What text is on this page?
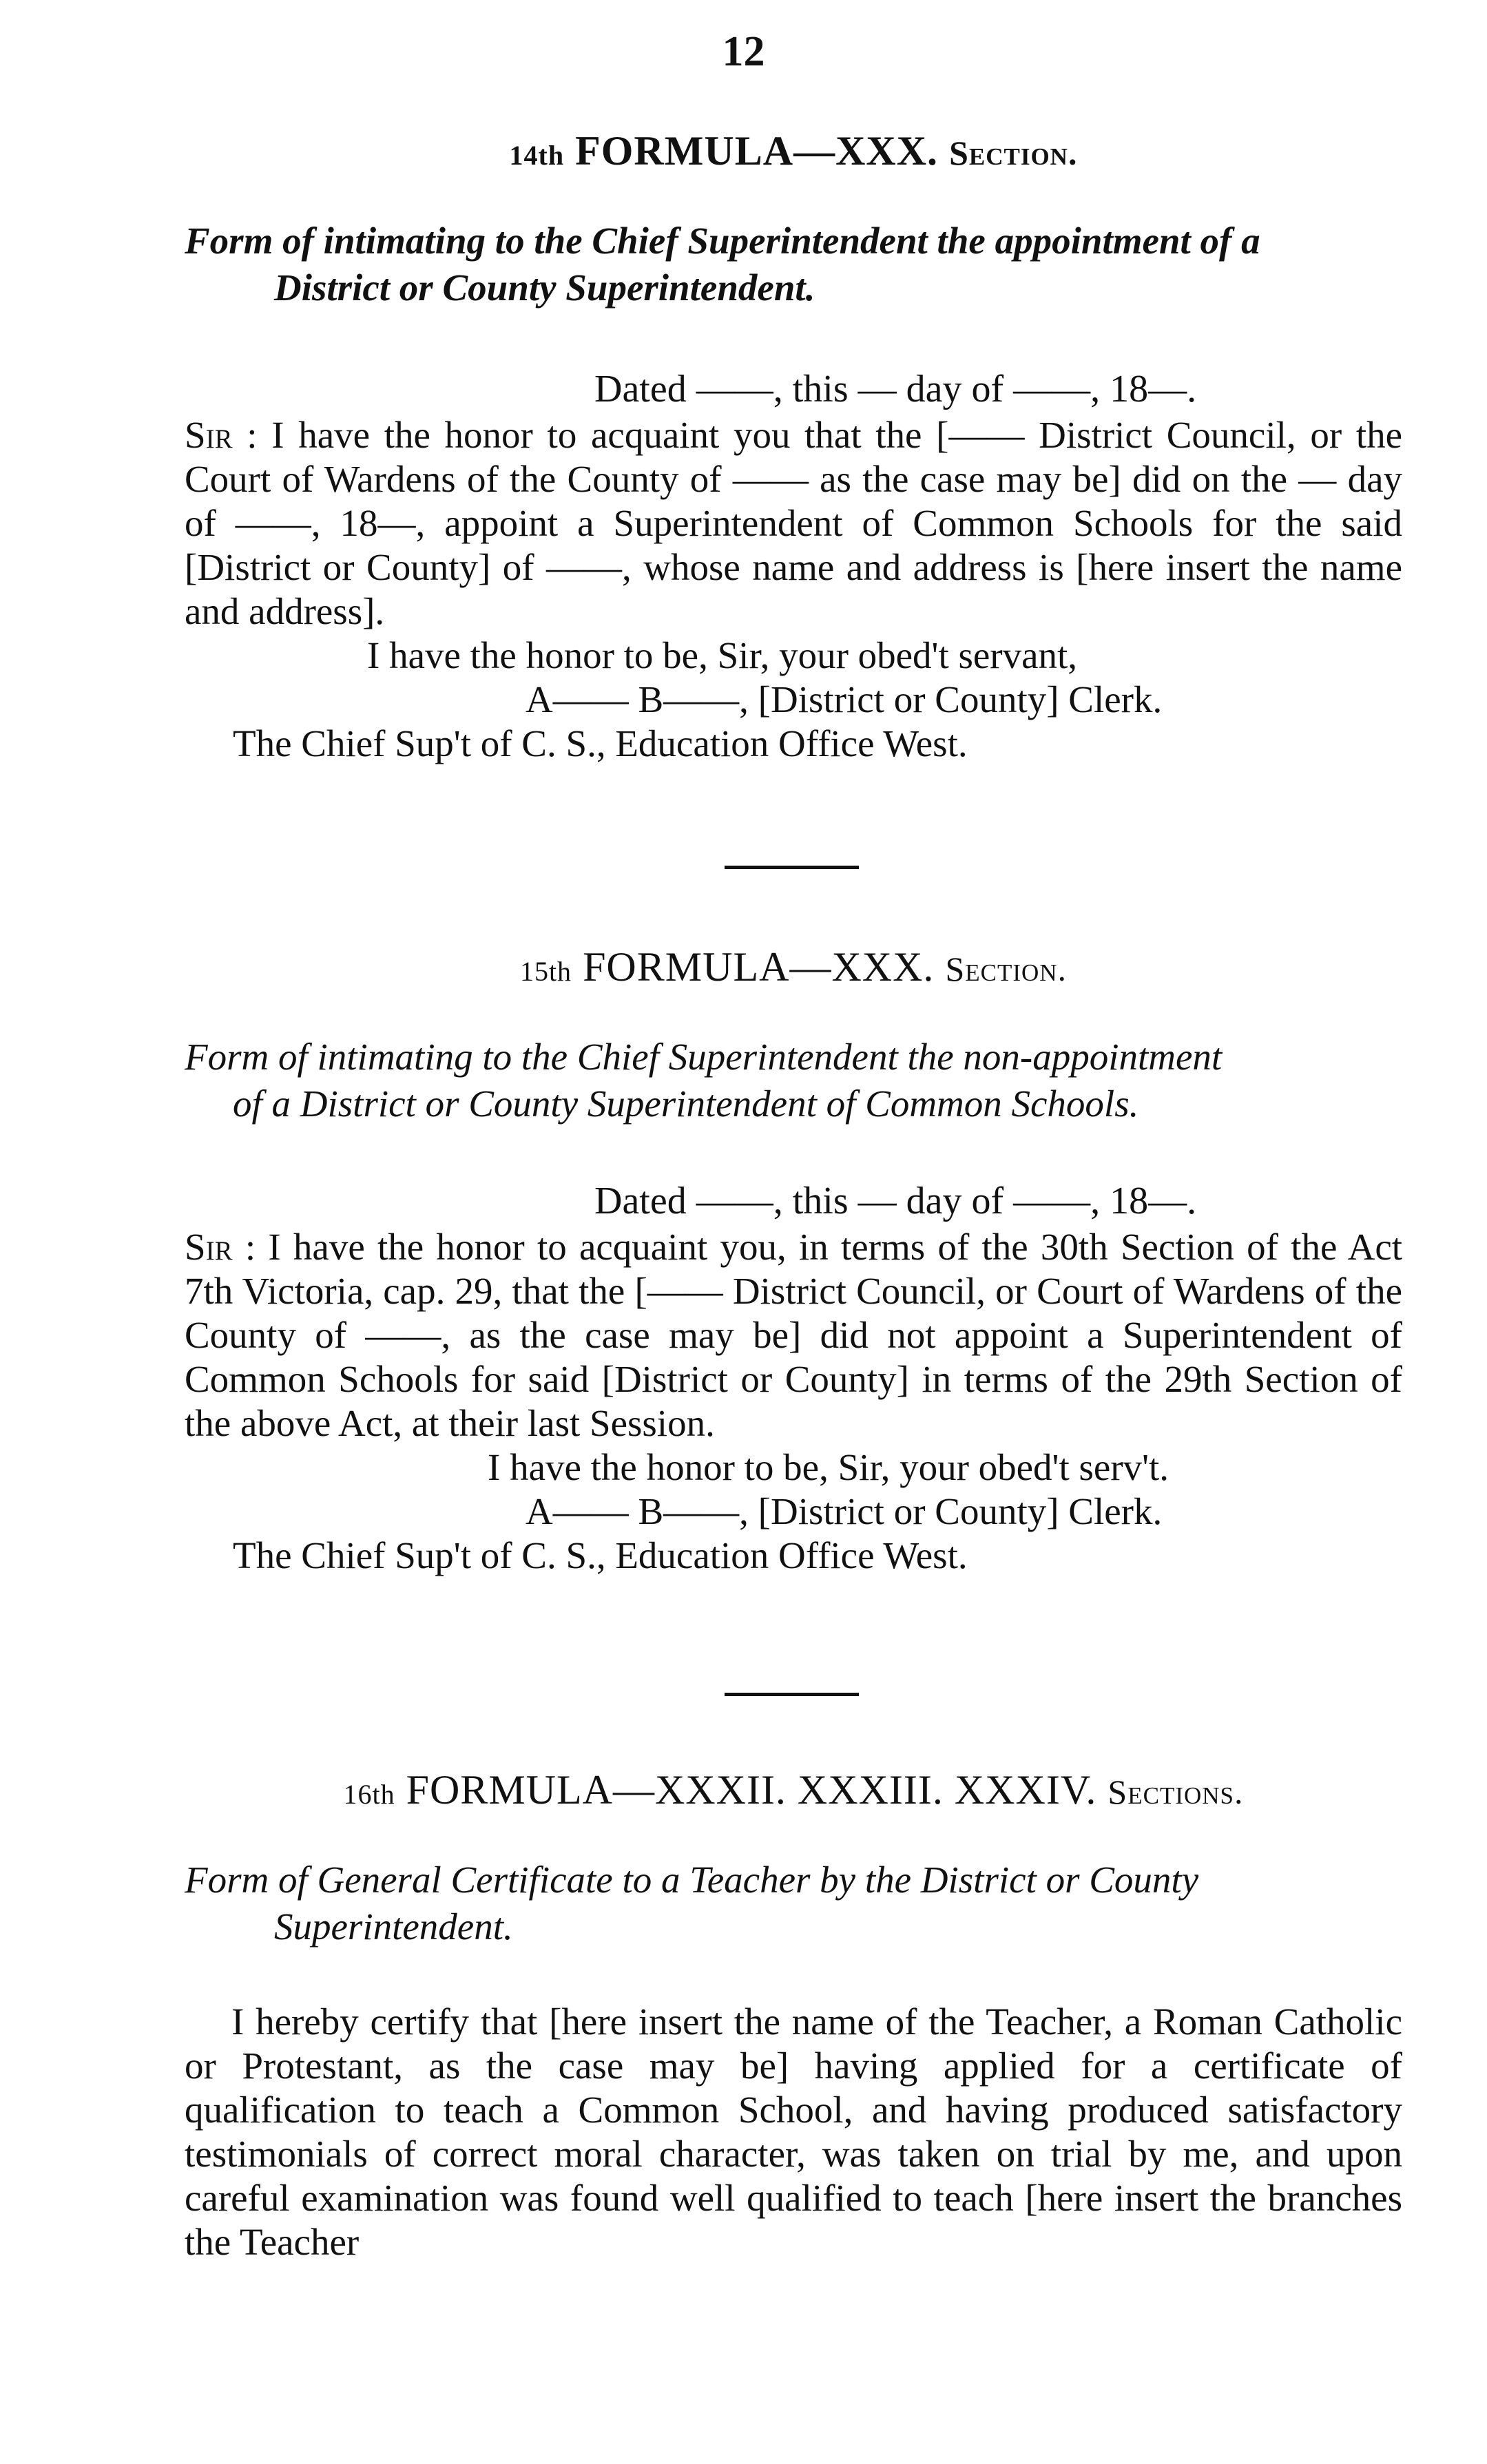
12
14th FORMULA—XXX. Section.
Form of intimating to the Chief Superintendent the appointment of a
District or County Superintendent.
Dated ——, this — day of ——, 18—.
Sir : I have the honor to acquaint you that the [—— District Council, or the Court of Wardens of the County of —— as the case may be] did on the — day of ——, 18—, appoint a Superintendent of Common Schools for the said [District or County] of ——, whose name and address is [here insert the name and address].
I have the honor to be, Sir, your obed't servant,
A—— B——, [District or County] Clerk.
The Chief Sup't of C. S., Education Office West.
15th FORMULA—XXX. Section.
Form of intimating to the Chief Superintendent the non-appointment
of a District or County Superintendent of Common Schools.
Dated ——, this — day of ——, 18—.
Sir : I have the honor to acquaint you, in terms of the 30th Section of the Act 7th Victoria, cap. 29, that the [—— District Council, or Court of Wardens of the County of ——, as the case may be] did not appoint a Superintendent of Common Schools for said [District or County] in terms of the 29th Section of the above Act, at their last Session.
I have the honor to be, Sir, your obed't serv't.
A—— B——, [District or County] Clerk.
The Chief Sup't of C. S., Education Office West.
16th FORMULA—XXXII. XXXIII. XXXIV. Sections.
Form of General Certificate to a Teacher by the District or County
Superintendent.
I hereby certify that [here insert the name of the Teacher, a Roman Catholic or Protestant, as the case may be] having applied for a certificate of qualification to teach a Common School, and having produced satisfactory testimonials of correct moral character, was taken on trial by me, and upon careful examination was found well qualified to teach [here insert the branches the Teacher
